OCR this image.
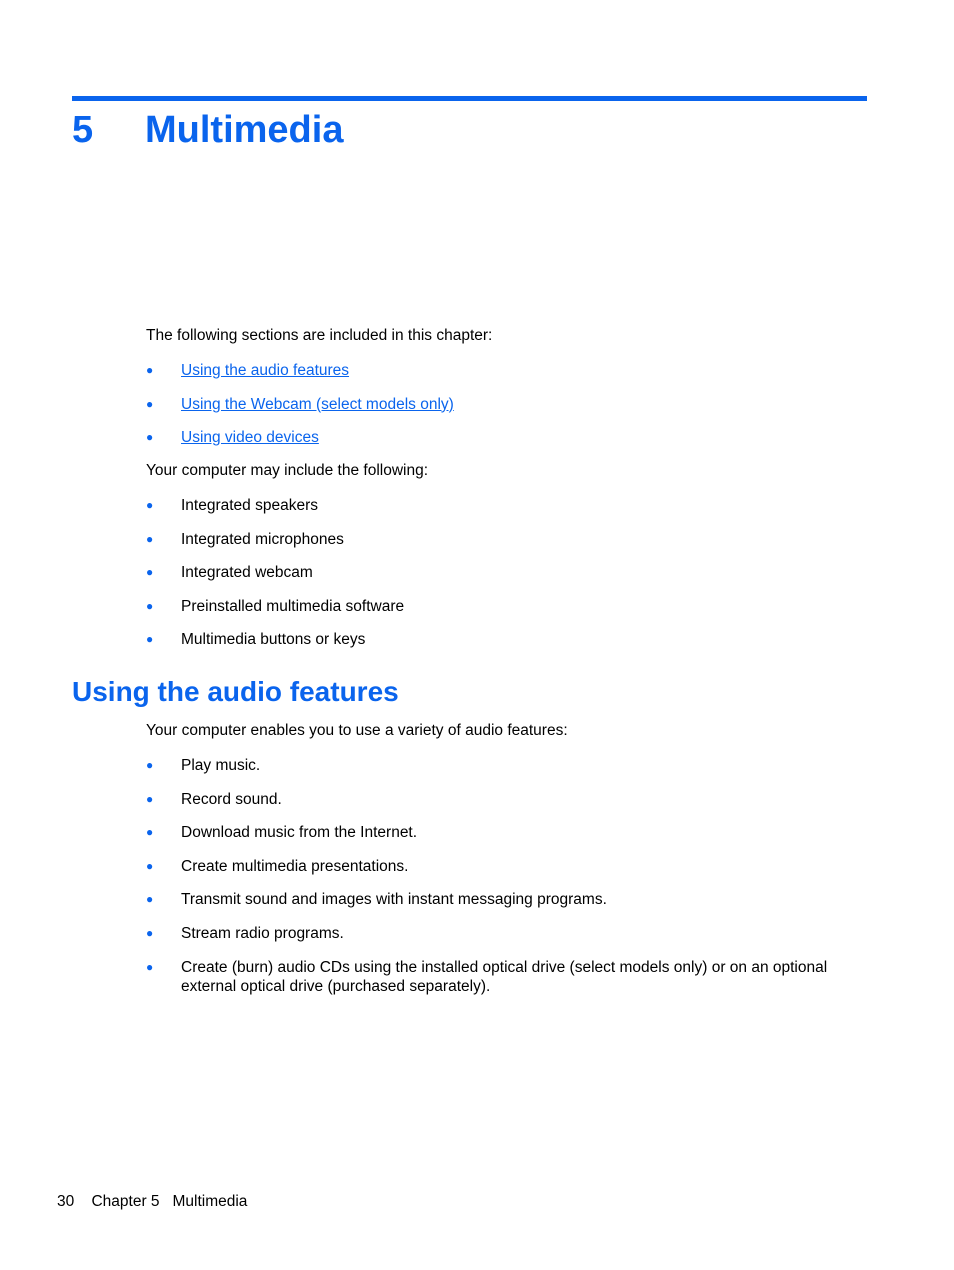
5 Multimedia

The following sections are included in this chapter:

●	Using the audio features
●	Using the Webcam (select models only)
●	Using video devices

Your computer may include the following:

●	Integrated speakers
●	Integrated microphones
●	Integrated webcam
●	Preinstalled multimedia software
●	Multimedia buttons or keys
Using the audio features

Your computer enables you to use a variety of audio features:

●	Play music.
●	Record sound.
●	Download music from the Internet.
●	Create multimedia presentations.
●	Transmit sound and images with instant messaging programs.
●	Stream radio programs.
●	Create (burn) audio CDs using the installed optical drive (select models only) or on an optional external optical drive (purchased separately).
30 Chapter 5 Multimedia
